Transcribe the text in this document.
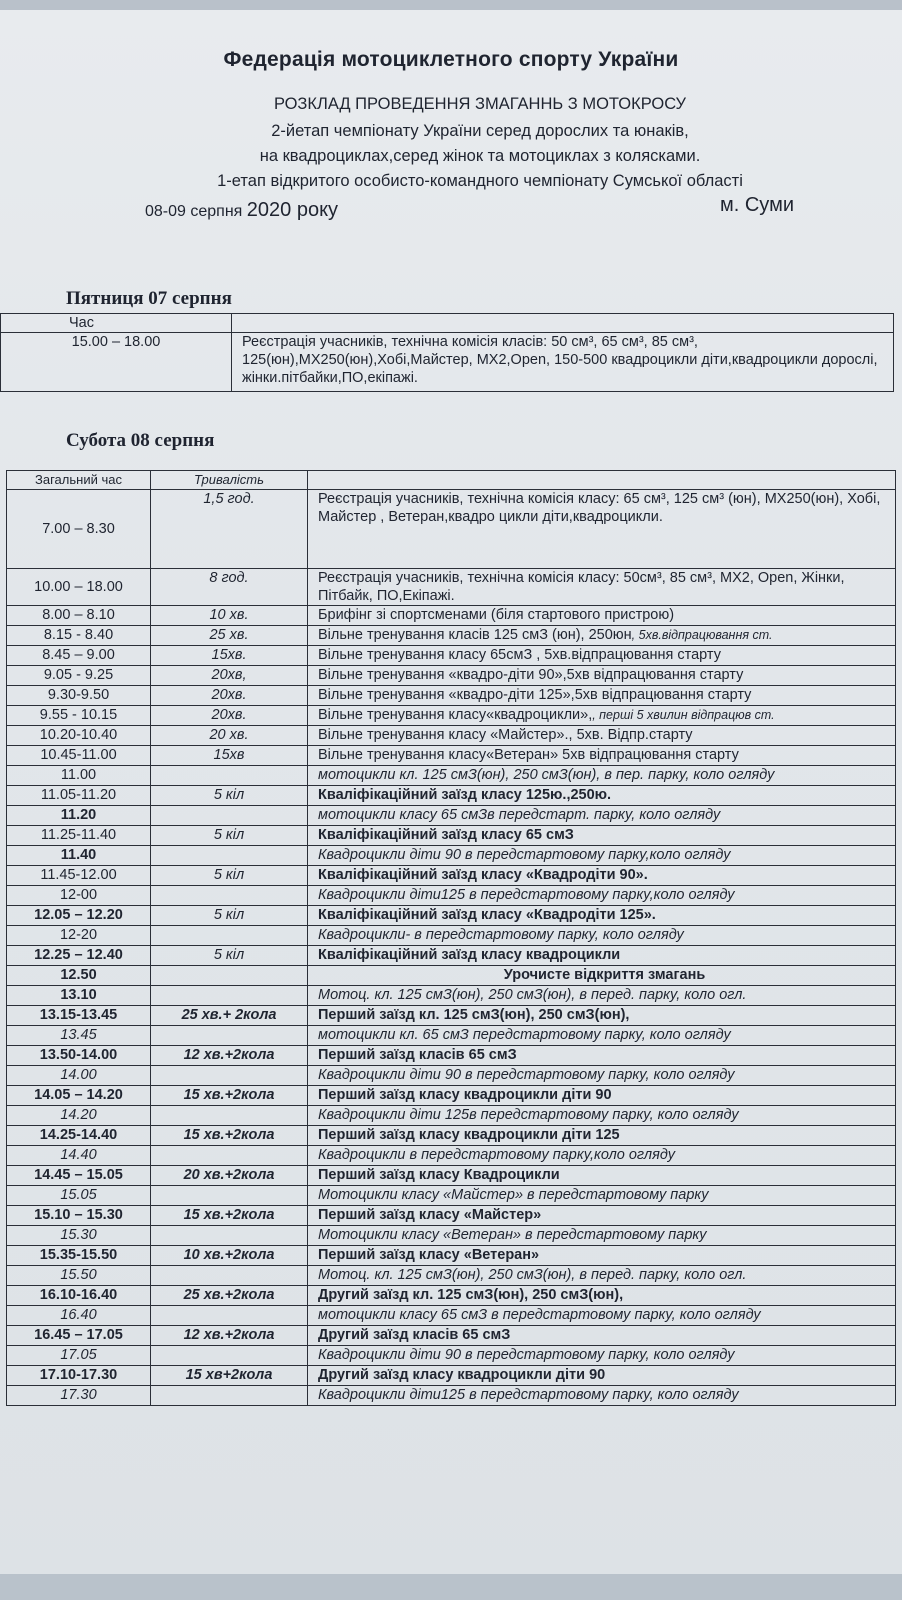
Федерація мотоциклетного спорту України
РОЗКЛАД ПРОВЕДЕННЯ ЗМАГАННЬ З МОТОКРОСУ
2-йетап чемпіонату України серед дорослих та юнаків,
на квадроциклах,серед жінок та мотоциклах з колясками.
1-етап відкритого особисто-командного чемпіонату Сумської області
08-09 серпня 2020 року	м. Суми
Пятниця 07 серпня
Час	
15.00 – 18.00	Реєстрація учасників, технічна комісія класів: 50 см³, 65 см³, 85 см³, 125(юн),МХ250(юн),Хобі,Майстер, МХ2,Open, 150-500 квадроцикли діти,квадроцикли дорослі, жінки.пітбайки,ПО,екіпажі.
Субота 08 серпня
Загальний час	Тривалість	
7.00 – 8.30	1,5 год.	Реєстрація учасників, технічна комісія класу: 65 см³, 125 см³ (юн), МХ250(юн), Хобі, Майстер , Ветеран,квадро цикли діти,квадроцикли.
10.00 – 18.00	8 год.	Реєстрація учасників, технічна комісія класу: 50см³, 85 см³, МХ2, Open, Жінки, Пітбайк, ПО,Екіпажі.
8.00 – 8.10	10 хв.	Брифінг зі спортсменами (біля стартового пристрою)
8.15 - 8.40	25 хв.	Вільне тренування класів 125 смЗ (юн), 250юн, 5хв.відпрацювання ст.
8.45 – 9.00	15хв.	Вільне тренування класу 65смЗ , 5хв.відпрацювання старту
9.05 - 9.25	20хв,	Вільне тренування «квадро-діти 90»,5хв відпрацювання старту
9.30-9.50	20хв.	Вільне тренування «квадро-діти 125»,5хв відпрацювання старту
9.55 - 10.15	20хв.	Вільне тренування класу«квадроцикли»,, перші 5 хвилин відпрацюв ст.
10.20-10.40	20 хв.	Вільне тренування класу «Майстер»., 5хв. Відпр.старту
10.45-11.00	15хв	Вільне тренування класу«Ветеран» 5хв відпрацювання старту
11.00		мотоцикли кл. 125 смЗ(юн), 250 смЗ(юн), в пер. парку, коло огляду
11.05-11.20	5 кіл	Кваліфікаційний заїзд класу 125ю.,250ю.
11.20		мотоцикли класу 65 смЗв передстарт. парку, коло огляду
11.25-11.40	5 кіл	Кваліфікаційний заїзд класу 65 смЗ
11.40		Квадроцикли діти 90 в передстартовому парку,коло огляду
11.45-12.00	5 кіл	Кваліфікаційний заїзд класу «Квадродіти 90».
12-00		Квадроцикли діти125 в передстартовому парку,коло огляду
12.05 – 12.20	5 кіл	Кваліфікаційний заїзд класу «Квадродіти 125».
12-20		Квадроцикли- в передстартовому парку, коло огляду
12.25 – 12.40	5 кіл	Кваліфікаційний заїзд класу квадроцикли
12.50		Урочисте відкриття змагань
13.10		Мотоц. кл. 125 смЗ(юн), 250 смЗ(юн), в перед. парку, коло огл.
13.15-13.45	25 хв.+ 2кола	Перший заїзд кл. 125 смЗ(юн), 250 смЗ(юн),
13.45		мотоцикли кл. 65 смЗ передстартовому парку, коло огляду
13.50-14.00	12 хв.+2кола	Перший заїзд класів 65 смЗ
14.00		Квадроцикли діти 90 в передстартовому парку, коло огляду
14.05 – 14.20	15 хв.+2кола	Перший заїзд класу квадроцикли діти 90
14.20		Квадроцикли діти 125в передстартовому парку, коло огляду
14.25-14.40	15 хв.+2кола	Перший заїзд класу квадроцикли діти 125
14.40		Квадроцикли в передстартовому парку,коло огляду
14.45 – 15.05	20 хв.+2кола	Перший заїзд класу Квадроцикли
15.05		Мотоцикли класу «Майстер» в передстартовому парку
15.10 – 15.30	15 хв.+2кола	Перший заїзд класу «Майстер»
15.30		Мотоцикли класу «Ветеран» в передстартовому парку
15.35-15.50	10 хв.+2кола	Перший заїзд класу «Ветеран»
15.50		Мотоц. кл. 125 смЗ(юн), 250 смЗ(юн), в перед. парку, коло огл.
16.10-16.40	25 хв.+2кола	Другий заїзд кл. 125 смЗ(юн), 250 смЗ(юн),
16.40		мотоцикли класу 65 смЗ в передстартовому парку, коло огляду
16.45 – 17.05	12 хв.+2кола	Другий заїзд класів 65 смЗ
17.05		Квадроцикли діти 90 в передстартовому парку, коло огляду
17.10-17.30	15 хв+2кола	Другий заїзд класу квадроцикли діти 90
17.30		Квадроцикли діти125 в передстартовому парку, коло огляду
